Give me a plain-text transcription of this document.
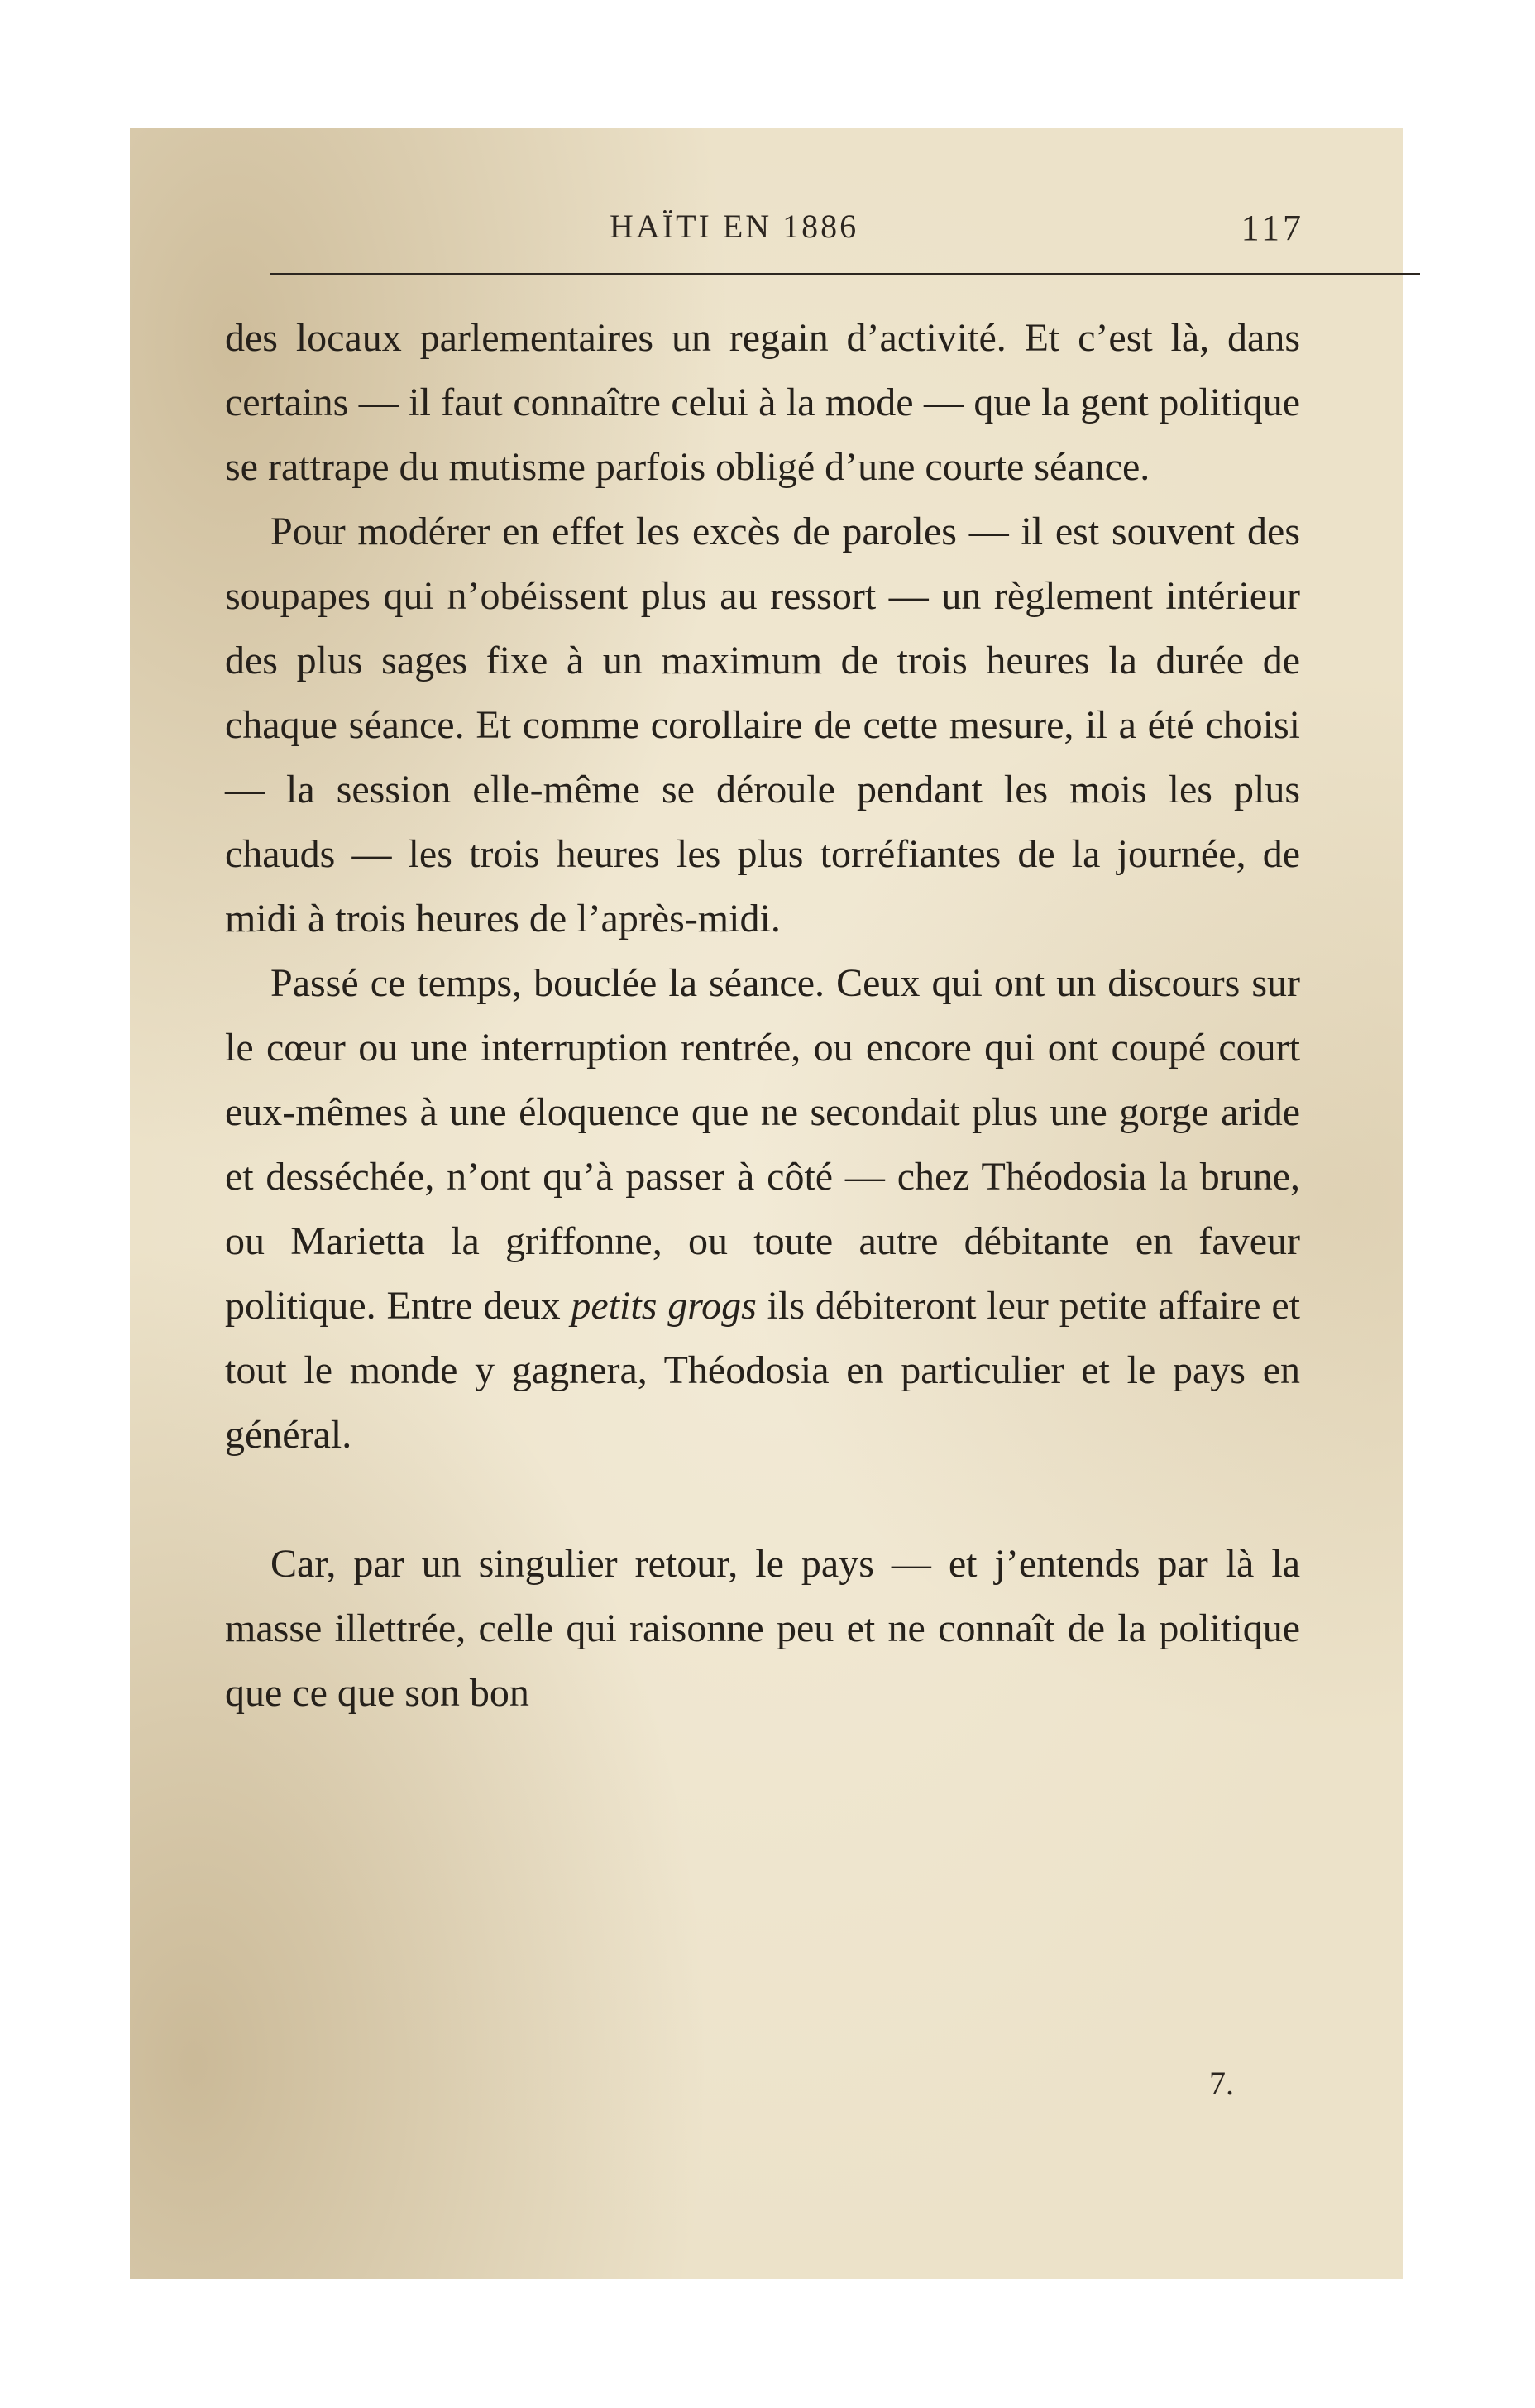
HAÏTI EN 1886	117

des locaux parlementaires un regain d’activité. Et c’est là, dans certains — il faut connaître celui à la mode — que la gent politique se rattrape du mutisme parfois obligé d’une courte séance.

Pour modérer en effet les excès de paroles — il est souvent des soupapes qui n’obéissent plus au ressort — un règlement intérieur des plus sages fixe à un maximum de trois heures la durée de chaque séance. Et comme corollaire de cette mesure, il a été choisi — la session elle-même se déroule pendant les mois les plus chauds — les trois heures les plus torréfiantes de la journée, de midi à trois heures de l’après-midi.

Passé ce temps, bouclée la séance. Ceux qui ont un discours sur le cœur ou une interruption rentrée, ou encore qui ont coupé court eux-mêmes à une éloquence que ne secondait plus une gorge aride et desséchée, n’ont qu’à passer à côté — chez Théodosia la brune, ou Marietta la griffonne, ou toute autre débitante en faveur politique. Entre deux petits grogs ils débiteront leur petite affaire et tout le monde y gagnera, Théodosia en particulier et le pays en général.

Car, par un singulier retour, le pays — et j’entends par là la masse illettrée, celle qui raisonne peu et ne connaît de la politique que ce que son bon

7.
